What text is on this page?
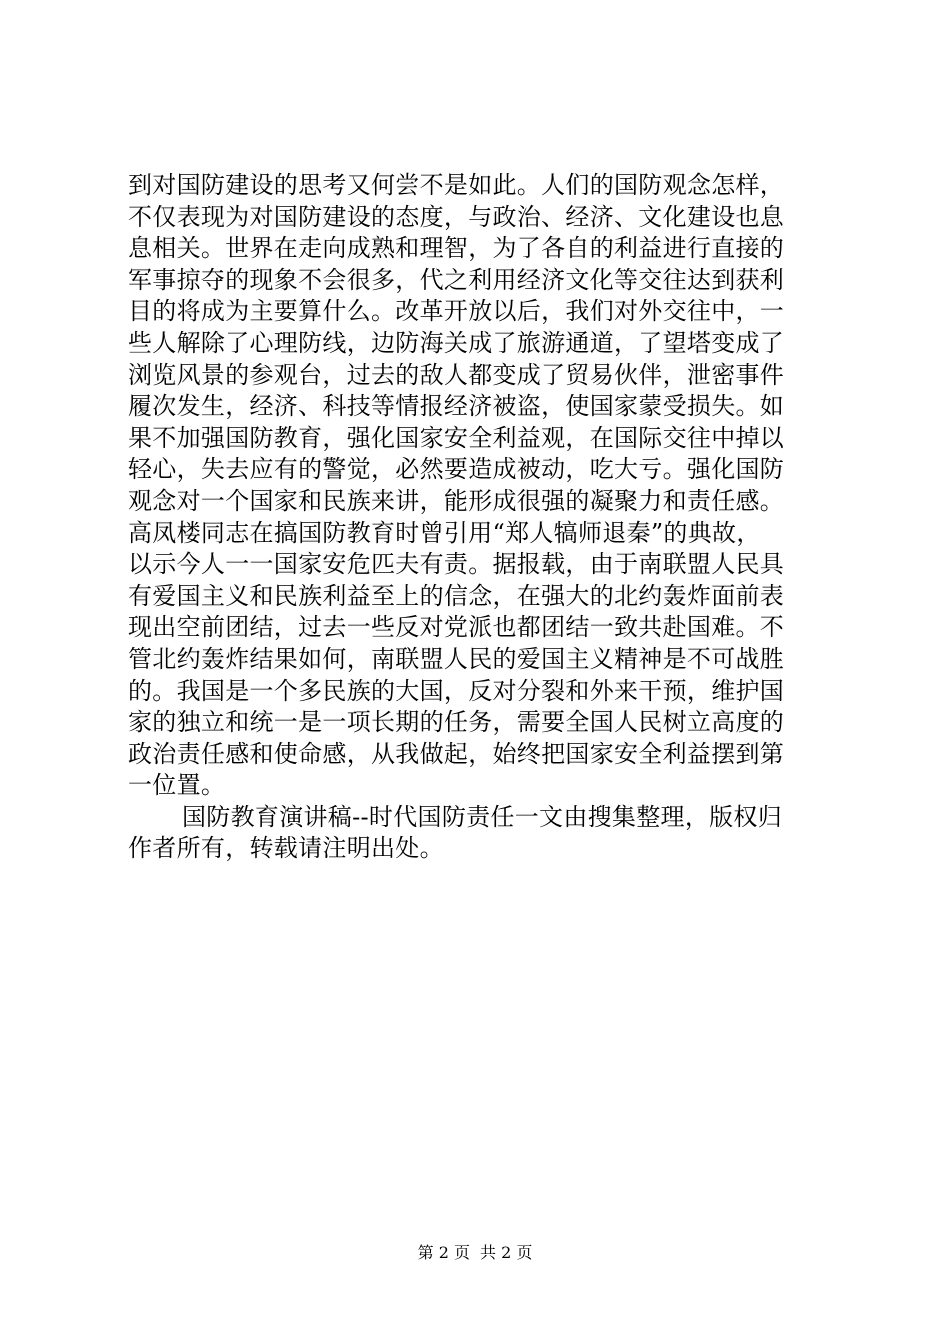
到对国防建设的思考又何尝不是如此。人们的国防观念怎样，
不仅表现为对国防建设的态度，与政治、经济、文化建设也息
息相关。世界在走向成熟和理智，为了各自的利益进行直接的
军事掠夺的现象不会很多，代之利用经济文化等交往达到获利
目的将成为主要算什么。改革开放以后，我们对外交往中，一
些人解除了心理防线，边防海关成了旅游通道，了望塔变成了
浏览风景的参观台，过去的敌人都变成了贸易伙伴，泄密事件
履次发生，经济、科技等情报经济被盗，使国家蒙受损失。如
果不加强国防教育，强化国家安全利益观，在国际交往中掉以
轻心，失去应有的警觉，必然要造成被动，吃大亏。强化国防
观念对一个国家和民族来讲，能形成很强的凝聚力和责任感。
高凤楼同志在搞国防教育时曾引用“郑人犒师退秦”的典故，
以示今人一一国家安危匹夫有责。据报载，由于南联盟人民具
有爱国主义和民族利益至上的信念，在强大的北约轰炸面前表
现出空前团结，过去一些反对党派也都团结一致共赴国难。不
管北约轰炸结果如何，南联盟人民的爱国主义精神是不可战胜
的。我国是一个多民族的大国，反对分裂和外来干预，维护国
家的独立和统一是一项长期的任务，需要全国人民树立高度的
政治责任感和使命感，从我做起，始终把国家安全利益摆到第
一位置。
国防教育演讲稿--时代国防责任一文由搜集整理，版权归
作者所有，转载请注明出处。
第 2 页 共 2 页
